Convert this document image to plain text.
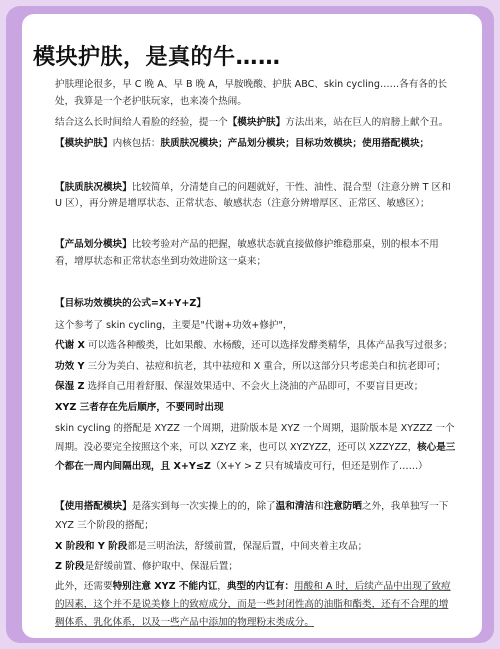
模块护肤，是真的牛……
护肤理论很多，早 C 晚 A、早 B 晚 A，早胺晚酸、护肤 ABC、skin cycling……各有各的长
处，我算是一个老护肤玩家，也来凑个热闹。
结合这么长时间给人看脸的经验，提一个【模块护肤】方法出来，站在巨人的肩膀上献个丑。
【模块护肤】内核包括：肤质肤况模块；产品划分模块；目标功效模块；使用搭配模块；
【肤质肤况模块】比较简单，分清楚自己的问题就好，干性、油性、混合型（注意分辨 T 区和
U 区），再分辨是增厚状态、正常状态、敏感状态（注意分辨增厚区、正常区、敏感区）；
【产品划分模块】比较考验对产品的把握，敏感状态就直接做修护维稳那桌，别的根本不用
看，增厚状态和正常状态坐到功效进阶这一桌来；
【目标功效模块的公式=X+Y+Z】
这个参考了 skin cycling，主要是"代谢+功效+修护"，
代谢 X 可以选各种酸类，比如果酸、水杨酸，还可以选择发酵类精华，具体产品我写过很多；
功效 Y 三分为美白、祛痘和抗老，其中祛痘和 X 重合，所以这部分只考虑美白和抗老即可；
保湿 Z 选择自己用着舒服、保湿效果适中、不会火上浇油的产品即可，不要盲目更改；
XYZ 三者存在先后顺序，不要同时出现
skin cycling 的搭配是 XYZZ 一个周期，进阶版本是 XYZ 一个周期，退阶版本是 XYZZZ 一个
周期。没必要完全按照这个来，可以 XZYZ 来，也可以 XYZYZZ，还可以 XZZYZZ，核心是三
个都在一周内间隔出现，且 X+Y≤Z（X+Y > Z 只有城墙皮可行，但还是别作了……）
【使用搭配模块】是落实到每一次实操上的的，除了温和清洁和注意防晒之外，我单独写一下
XYZ 三个阶段的搭配；
X 阶段和 Y 阶段都是三明治法，舒缓前置，保湿后置，中间夹着主攻品；
Z 阶段是舒缓前置、修护取中、保湿后置；
此外，还需要特别注意 XYZ 不能内讧，典型的内讧有：用酸和 A 时，后续产品中出现了致痘
的因素，这个并不是说美修上的致痘成分，而是一些封闭性高的油脂和酯类，还有不合理的增
稠体系、乳化体系，以及一些产品中添加的物理粉末类成分。
